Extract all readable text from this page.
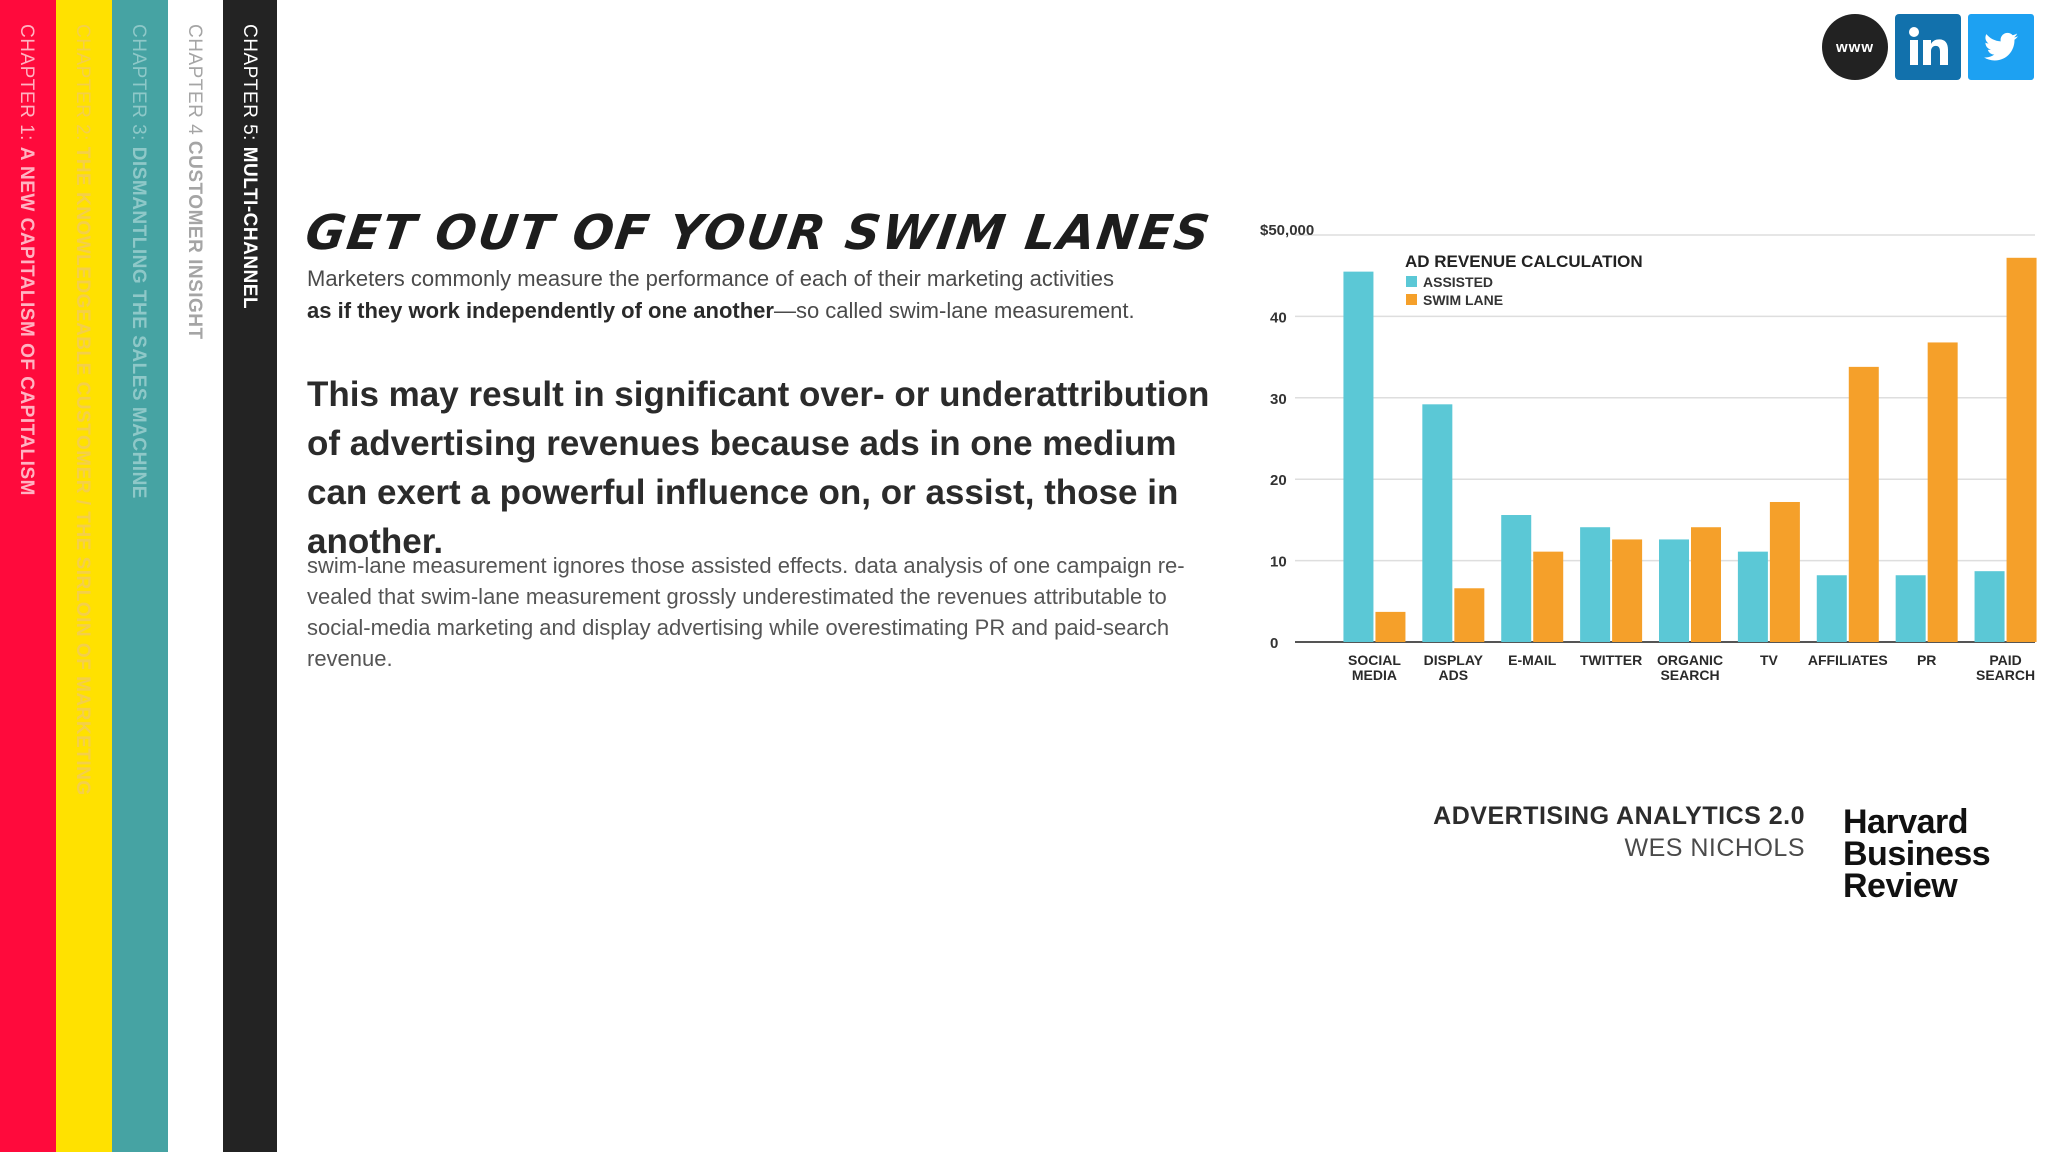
CHAPTER 1: A NEW CAPITALISM OF CAPITALISM
CHAPTER 2: THE KNOWLEDGEABLE CUSTOMER / THE SIRLOIN OF MARKETING
CHAPTER 3: DISMANTLING THE SALES MACHINE
CHAPTER 4 CUSTOMER INSIGHT
CHAPTER 5: MULTI-CHANNEL
www
GET OUT OF YOUR SWIM LANES
Marketers commonly measure the performance of each of their marketing activities
as if they work independently of one another—so called swim-lane measurement.
This may result in significant over- or underattribution of advertising revenues because ads in one medium can exert a powerful influence on, or assist, those in another.
swim-lane measurement ignores those assisted effects. data analysis of one campaign re-vealed that swim-lane measurement grossly underestimated the revenues attributable to social-media marketing and display advertising while overestimating PR and paid-search revenue.
0
10
20
30
40
$50,000
SOCIAL
MEDIA
DISPLAY
ADS
E-MAIL TWITTER ORGANIC
SEARCH
TV AFFILIATES PR	PAID
SEARCH
AD REVENUE CALCULATION
ASSISTED
SWIM LANE
ADVERTISING ANALYTICS 2.0
WES NICHOLS
Harvard
Business
Review
